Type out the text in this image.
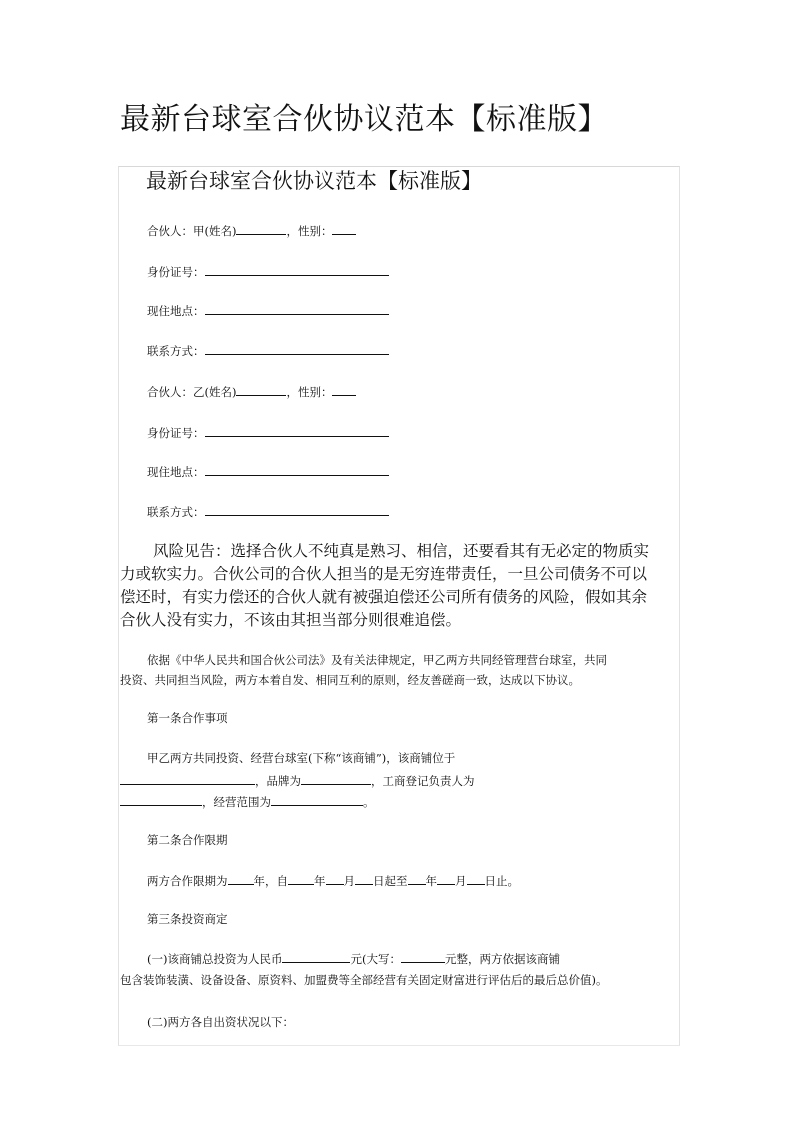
最新台球室合伙协议范本【标准版】
最新台球室合伙协议范本【标准版】
合伙人：甲(姓名)	，性别：
身份证号：
现住地点：
联系方式：
合伙人：乙(姓名)	，性别：
身份证号：
现住地点：
联系方式：
风险见告：选择合伙人不纯真是熟习、相信，还要看其有无必定的物质实
力或软实力。合伙公司的合伙人担当的是无穷连带责任，一旦公司债务不可以
偿还时，有实力偿还的合伙人就有被强迫偿还公司所有债务的风险，假如其余
合伙人没有实力，不该由其担当部分则很难追偿。
依据《中华人民共和国合伙公司法》及有关法律规定，甲乙两方共同经管理营台球室，共同
投资、共同担当风险，两方本着自发、相同互利的原则，经友善磋商一致，达成以下协议。
第一条合作事项
甲乙两方共同投资、经营台球室(下称“该商铺”)，该商铺位于
，品牌为	，工商登记负责人为
，经营范围为	。
第二条合作限期
两方合作限期为 年，自 年 月 日起至 年 月 日止。
第三条投资商定
(一)该商铺总投资为人民币	元(大写：	元整，两方依据该商铺
包含装饰装潢、设备设备、原资料、加盟费等全部经营有关固定财富进行评估后的最后总价值)。
(二)两方各自出资状况以下：
